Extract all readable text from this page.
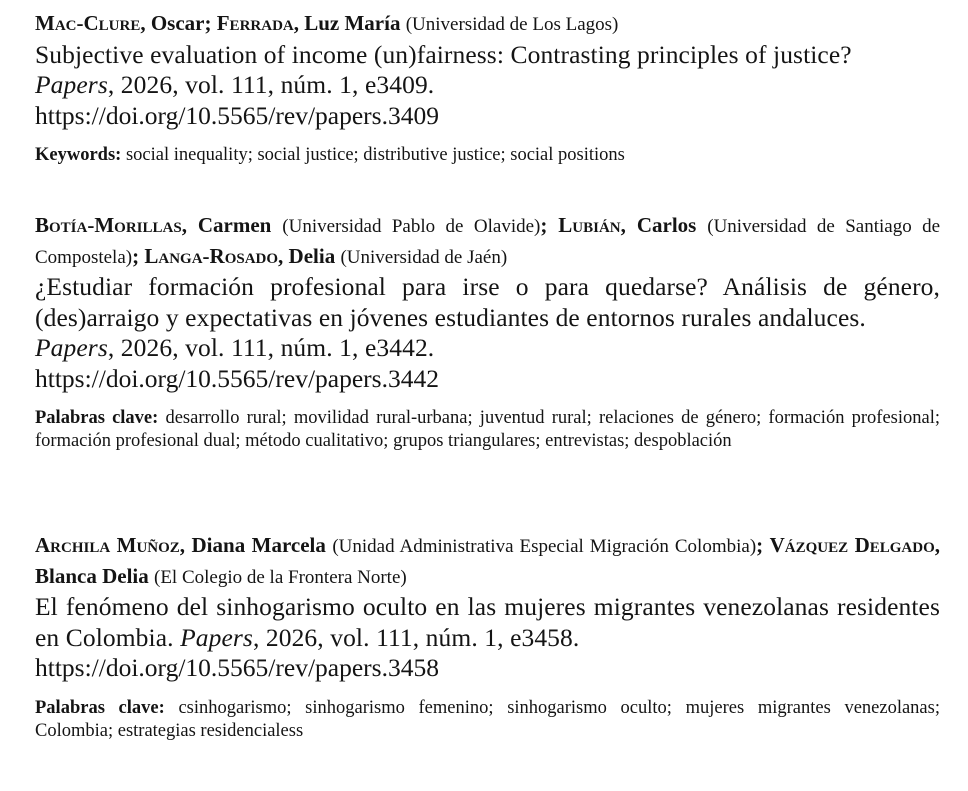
Mac-Clure, Oscar; Ferrada, Luz María (Universidad de Los Lagos)
Subjective evaluation of income (un)fairness: Contrasting principles of justice?
Papers, 2026, vol. 111, núm. 1, e3409.
https://doi.org/10.5565/rev/papers.3409
Keywords: social inequality; social justice; distributive justice; social positions
Botía-Morillas, Carmen (Universidad Pablo de Olavide); Lubián, Carlos (Universidad de Santiago de Compostela); Langa-Rosado, Delia (Universidad de Jaén)
¿Estudiar formación profesional para irse o para quedarse? Análisis de género, (des)arraigo y expectativas en jóvenes estudiantes de entornos rurales andaluces.
Papers, 2026, vol. 111, núm. 1, e3442.
https://doi.org/10.5565/rev/papers.3442
Palabras clave: desarrollo rural; movilidad rural-urbana; juventud rural; relaciones de género; formación profesional; formación profesional dual; método cualitativo; grupos triangulares; entrevistas; despoblación
Archila Muñoz, Diana Marcela (Unidad Administrativa Especial Migración Colombia); Vázquez Delgado, Blanca Delia (El Colegio de la Frontera Norte)
El fenómeno del sinhogarismo oculto en las mujeres migrantes venezolanas residentes en Colombia. Papers, 2026, vol. 111, núm. 1, e3458.
https://doi.org/10.5565/rev/papers.3458
Palabras clave: csinhogarismo; sinhogarismo femenino; sinhogarismo oculto; mujeres migrantes venezolanas; Colombia; estrategias residencialess
